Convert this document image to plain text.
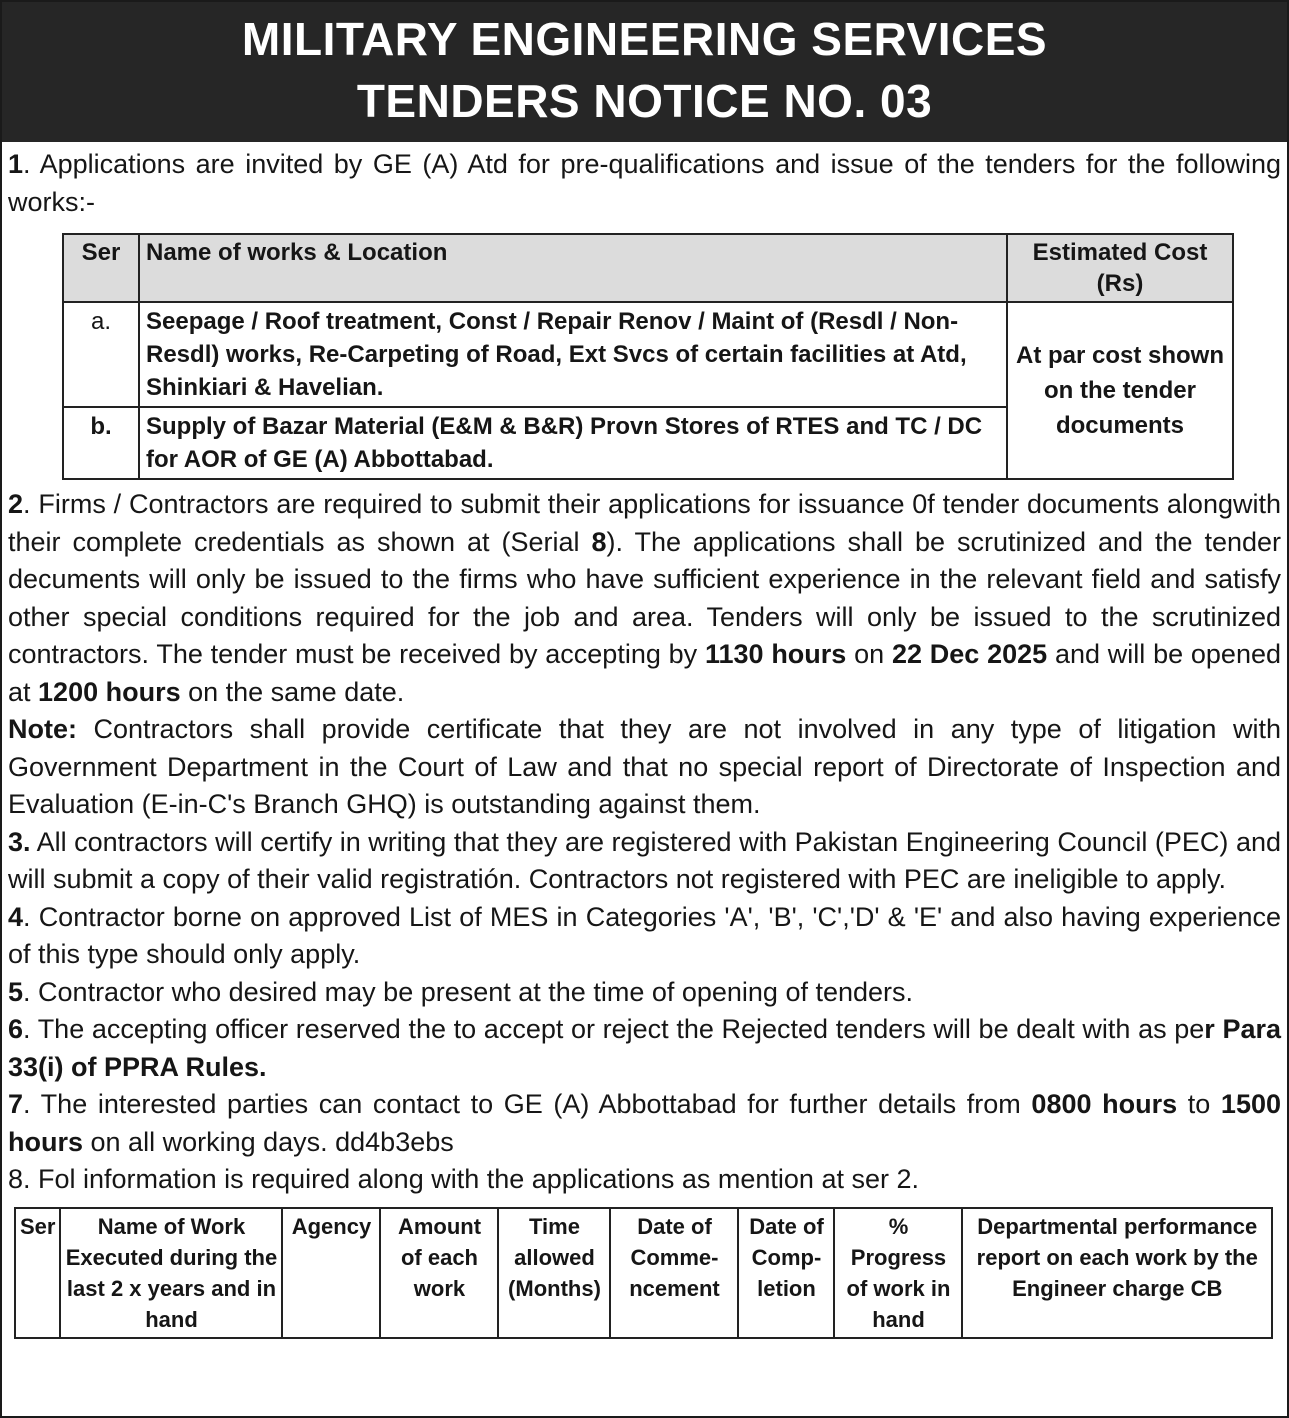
MILITARY ENGINEERING SERVICES
TENDERS NOTICE NO. 03

1. Applications are invited by GE (A) Atd for pre-qualifications and issue of the tenders for the following works:-

Ser	Name of works & Location	Estimated Cost (Rs)
a.	Seepage / Roof treatment, Const / Repair Renov / Maint of (Resdl / Non-Resdl) works, Re-Carpeting of Road, Ext Svcs of certain facilities at Atd, Shinkiari & Havelian.	At par cost shown on the tender documents
b.	Supply of Bazar Material (E&M & B&R) Provn Stores of RTES and TC / DC for AOR of GE (A) Abbottabad.	

2. Firms / Contractors are required to submit their applications for issuance 0f tender documents alongwith their complete credentials as shown at (Serial 8). The applications shall be scrutinized and the tender decuments will only be issued to the firms who have sufficient experience in the relevant field and satisfy other special conditions required for the job and area. Tenders will only be issued to the scrutinized contractors. The tender must be received by accepting by 1130 hours on 22 Dec 2025 and will be opened at 1200 hours on the same date.

Note: Contractors shall provide certificate that they are not involved in any type of litigation with Government Department in the Court of Law and that no special report of Directorate of Inspection and Evaluation (E-in-C's Branch GHQ) is outstanding against them.

3. All contractors will certify in writing that they are registered with Pakistan Engineering Council (PEC) and will submit a copy of their valid registratión. Contractors not registered with PEC are ineligible to apply.

4. Contractor borne on approved List of MES in Categories 'A', 'B', 'C','D' & 'E' and also having experience of this type should only apply.

5. Contractor who desired may be present at the time of opening of tenders.

6. The accepting officer reserved the to accept or reject the Rejected tenders will be dealt with as per Para 33(i) of PPRA Rules.

7. The interested parties can contact to GE (A) Abbottabad for further details from 0800 hours to 1500 hours on all working days. dd4b3ebs

8. Fol information is required along with the applications as mention at ser 2.

Ser	Name of Work Executed during the last 2 x years and in hand	Agency	Amount of each work	Time allowed (Months)	Date of Comme-ncement	Date of Comp-letion	% Progress of work in hand	Departmental performance report on each work by the Engineer charge CB
